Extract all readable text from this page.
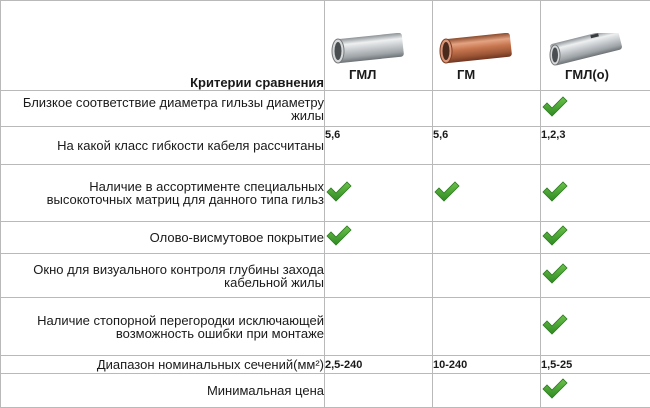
Критерии сравнения	ГМЛ	ГМ	ГМЛ(о)

Близкое соответствие диаметра гильзы диаметру жилы			
На какой класс гибкости кабеля рассчитаны	5,6	5,6	1,2,3
Наличие в ассортименте специальных высокоточных матриц для данного типа гильз			
Олово-висмутовое покрытие			
Окно для визуального контроля глубины захода кабельной жилы			
Наличие стопорной перегородки исключающей возможность ошибки при монтаже			
Диапазон номинальных сечений(мм²)	2,5-240	10-240	1,5-25
Минимальная цена			
